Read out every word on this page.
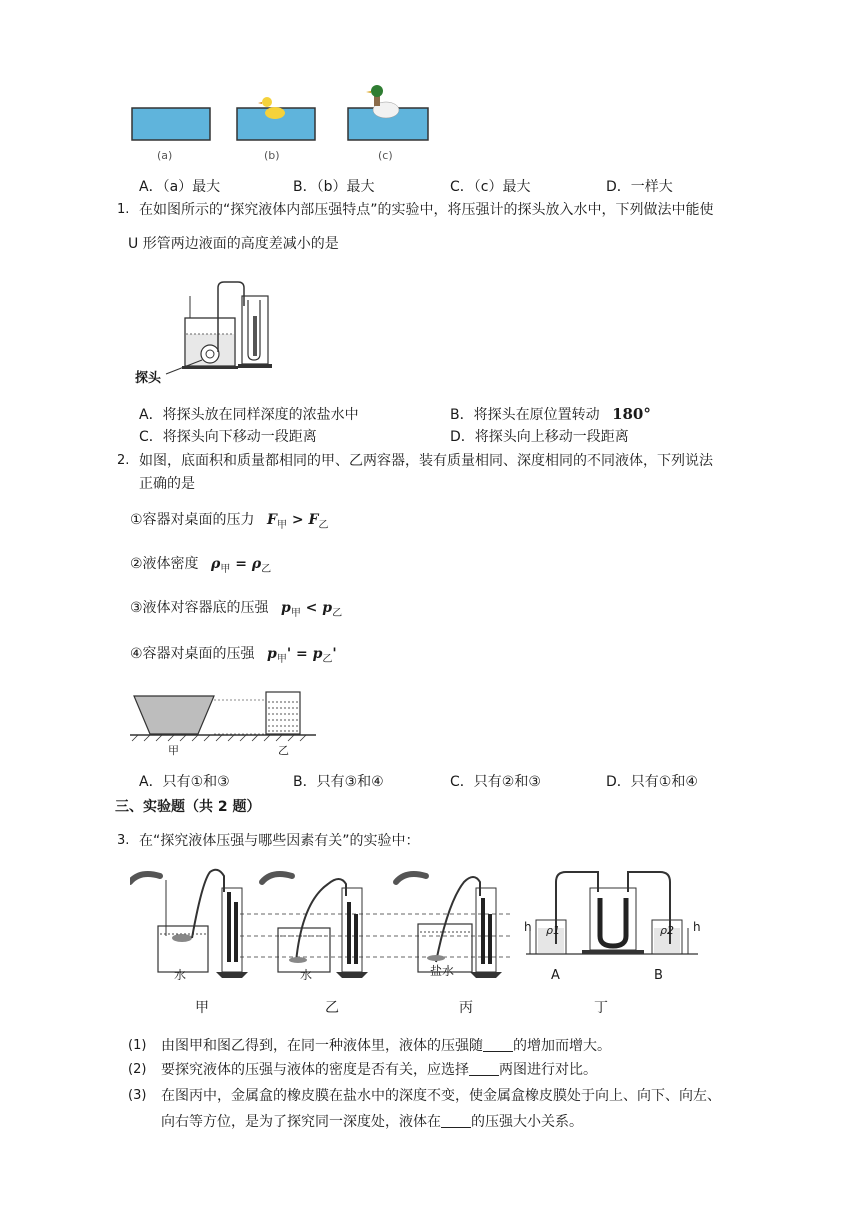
(a)	(b)	(c)
A．（a）最大	B．（b）最大	C．（c）最大	D．一样大
1. 在如图所示的“探究液体内部压强特点”的实验中，将压强计的探头放入水中，下列做法中能使
U 形管两边液面的高度差减小的是
探头
A．将探头放在同样深度的浓盐水中	B．将探头在原位置转动 180°
C．将探头向下移动一段距离	D．将探头向上移动一段距离
2. 如图，底面积和质量都相同的甲、乙两容器，装有质量相同、深度相同的不同液体，下列说法
正确的是
①容器对桌面的压力 $F_甲 > F_乙$
②液体密度 $\rho_甲 = \rho_乙$
③液体对容器底的压强 $p_甲 < p_乙$
④容器对桌面的压强 $p_甲' = p_乙'$
甲	乙
A．只有①和③	B．只有③和④	C．只有②和③	D．只有①和④
三、实验题（共 2 题）
3. 在“探究液体压强与哪些因素有关”的实验中：
水	水	盐水
h ρ1	ρ2 h
A	B
甲	乙	丙	丁
(1) 由图甲和图乙得到，在同一种液体里，液体的压强随 的增加而增大。
(2) 要探究液体的压强与液体的密度是否有关，应选择 两图进行对比。
(3) 在图丙中，金属盒的橡皮膜在盐水中的深度不变，使金属盒橡皮膜处于向上、向下、向左、
向右等方位，是为了探究同一深度处，液体在 的压强大小关系。
